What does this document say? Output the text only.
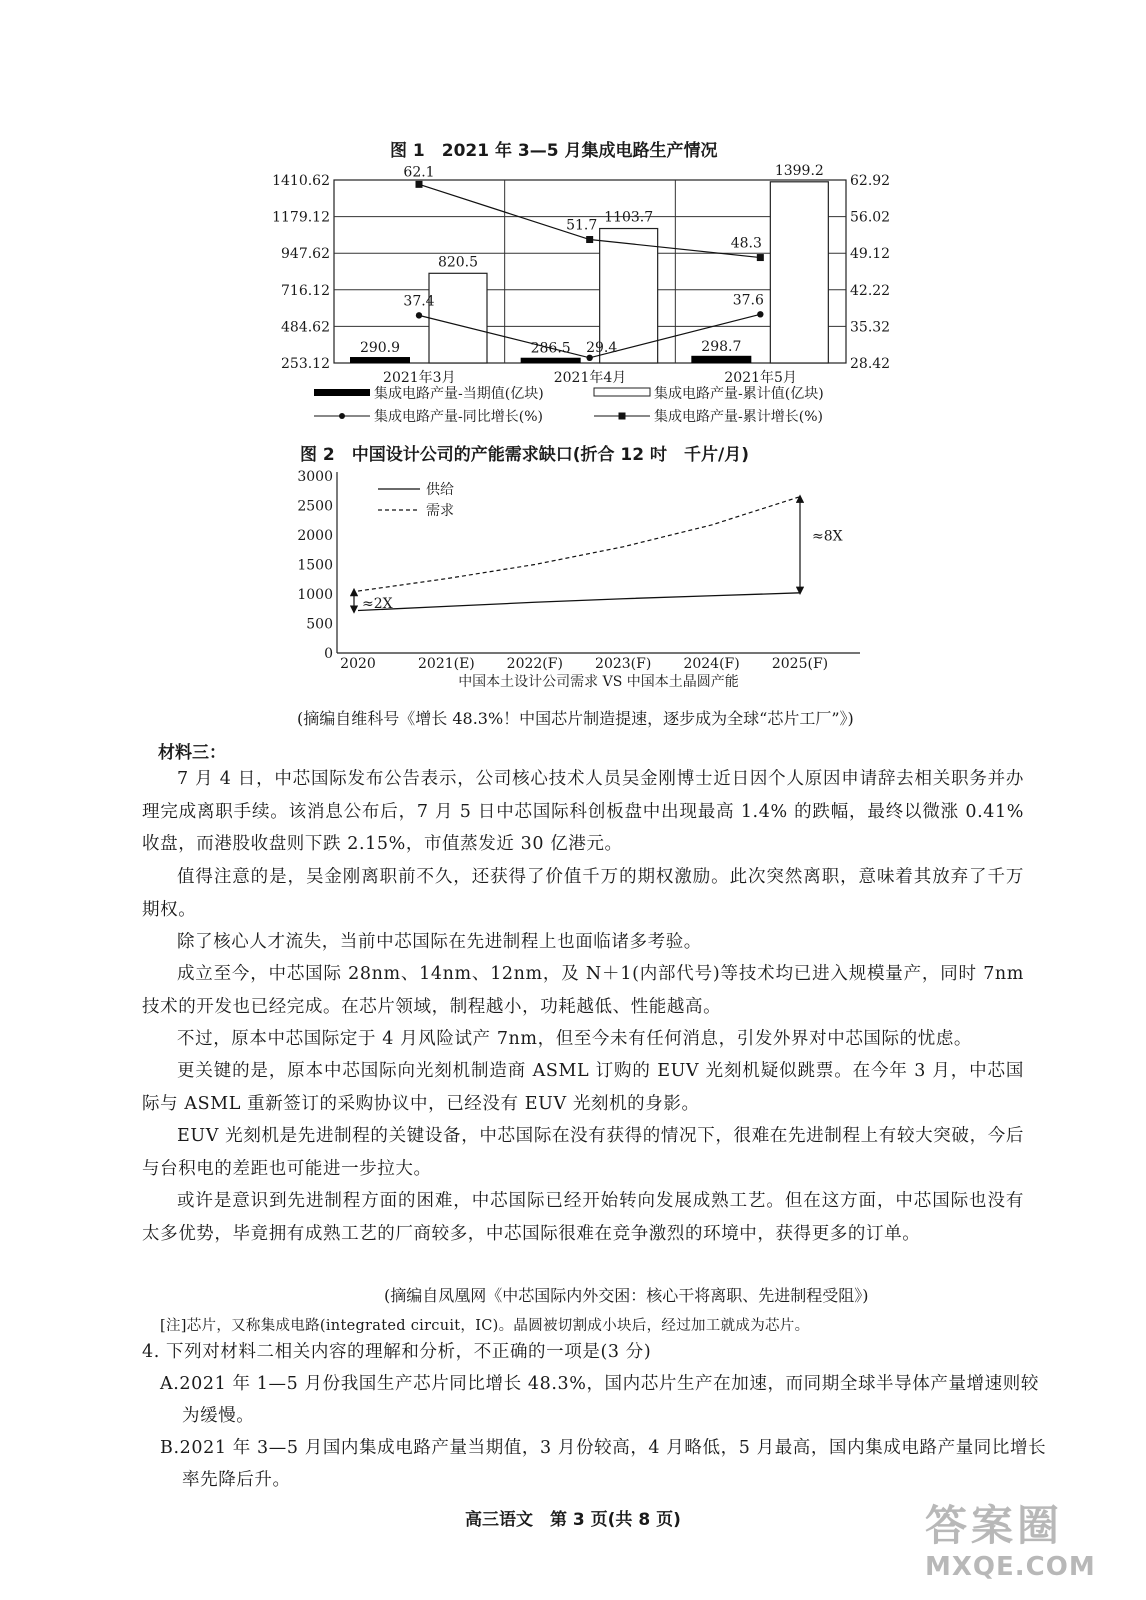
图 1　2021 年 3—5 月集成电路生产情况
1410.62
1179.12
947.62
716.12
484.62
253.12
62.92
56.02
49.12
42.22
35.32
28.42
290.9
820.5
286.5
1103.7
298.7
1399.2
37.4
29.4
37.6
62.1
51.7
48.3
2021年3月	2021年4月	2021年5月
集成电路产量-当期值(亿块)	集成电路产量-累计值(亿块)
集成电路产量-同比增长(%)	集成电路产量-累计增长(%)
图 2　中国设计公司的产能需求缺口(折合 12 吋　千片/月)
3000
2500
2000
1500
1000
500
0
2020	2021(E) 2022(F) 2023(F) 2024(F) 2025(F)
中国本土设计公司需求 VS 中国本土晶圆产能
≈2X
≈8X
供给
需求
(摘编自维科号《增长 48.3%！中国芯片制造提速，逐步成为全球“芯片工厂”》)
材料三：
7 月 4 日，中芯国际发布公告表示，公司核心技术人员吴金刚博士近日因个人原因申请辞去相关职务并办理完成离职手续。该消息公布后，7 月 5 日中芯国际科创板盘中出现最高 1.4% 的跌幅，最终以微涨 0.41% 收盘，而港股收盘则下跌 2.15%，市值蒸发近 30 亿港元。
值得注意的是，吴金刚离职前不久，还获得了价值千万的期权激励。此次突然离职，意味着其放弃了千万期权。
除了核心人才流失，当前中芯国际在先进制程上也面临诸多考验。
成立至今，中芯国际 28nm、14nm、12nm，及 N＋1(内部代号)等技术均已进入规模量产，同时 7nm 技术的开发也已经完成。在芯片领域，制程越小，功耗越低、性能越高。
不过，原本中芯国际定于 4 月风险试产 7nm，但至今未有任何消息，引发外界对中芯国际的忧虑。
更关键的是，原本中芯国际向光刻机制造商 ASML 订购的 EUV 光刻机疑似跳票。在今年 3 月，中芯国际与 ASML 重新签订的采购协议中，已经没有 EUV 光刻机的身影。
EUV 光刻机是先进制程的关键设备，中芯国际在没有获得的情况下，很难在先进制程上有较大突破，今后与台积电的差距也可能进一步拉大。
或许是意识到先进制程方面的困难，中芯国际已经开始转向发展成熟工艺。但在这方面，中芯国际也没有太多优势，毕竟拥有成熟工艺的厂商较多，中芯国际很难在竞争激烈的环境中，获得更多的订单。
(摘编自凤凰网《中芯国际内外交困：核心干将离职、先进制程受阻》)
[注]芯片，又称集成电路(integrated circuit，IC)。晶圆被切割成小块后，经过加工就成为芯片。
4. 下列对材料二相关内容的理解和分析，不正确的一项是(3 分)
A.2021 年 1—5 月份我国生产芯片同比增长 48.3%，国内芯片生产在加速，而同期全球半导体产量增速则较为缓慢。
B.2021 年 3—5 月国内集成电路产量当期值，3 月份较高，4 月略低，5 月最高，国内集成电路产量同比增长率先降后升。
高三语文　第 3 页(共 8 页)	答案圈
MXQE.COM
